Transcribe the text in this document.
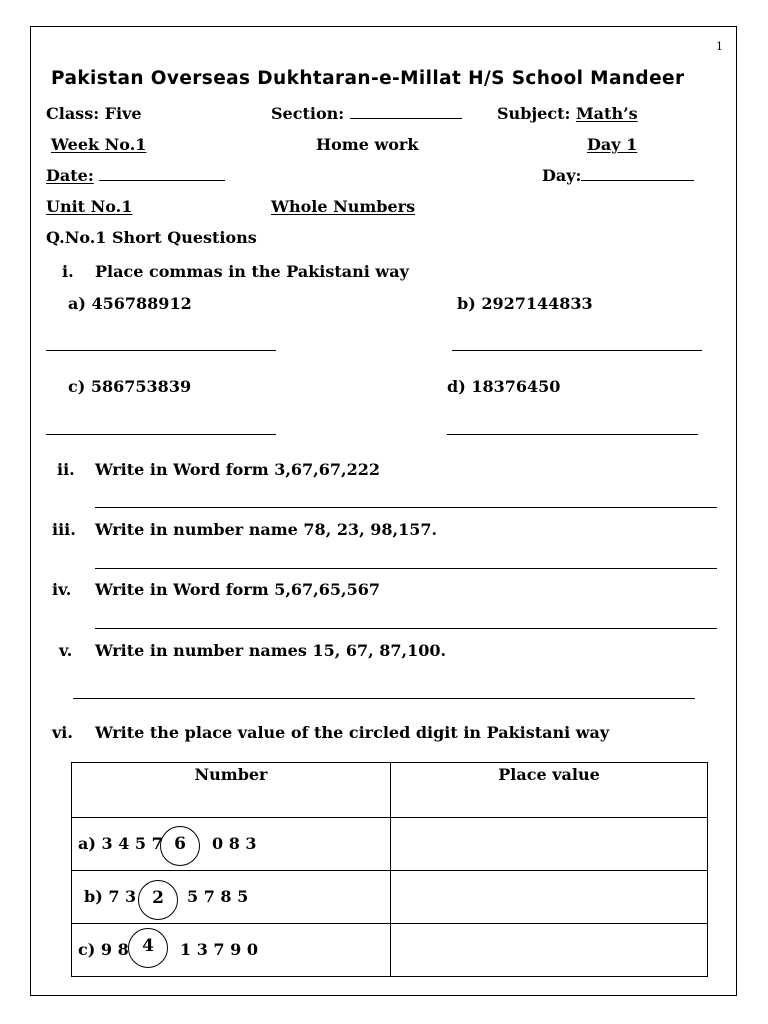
1
Pakistan Overseas Dukhtaran-e-Millat H/S School Mandeer
Class: Five	Section:	Subject: Math’s
Week No.1	Home work	Day 1
Date:	Day:
Unit No.1	Whole Numbers
Q.No.1 Short Questions
i. Place commas in the Pakistani way
a) 456788912	b) 2927144833
c) 586753839	d) 18376450
ii. Write in Word form 3,67,67,222
iii. Write in number name 78, 23, 98,157.
iv. Write in Word form 5,67,65,567
v. Write in number names 15, 67, 87,100.
vi. Write the place value of the circled digit in Pakistani way
Number	Place value

a) 3 4 5 7 6 0 8 3	

b) 7 3 2 5 7 8 5	

c) 9 8 4 1 3 7 9 0	
